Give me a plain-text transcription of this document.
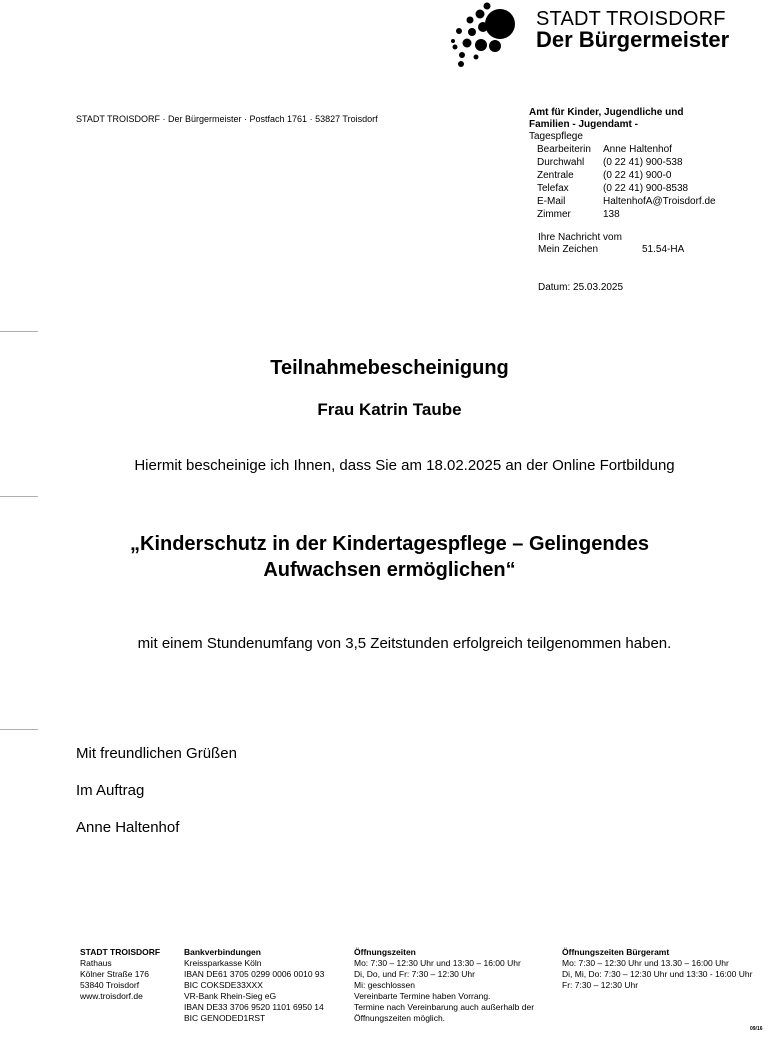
STADT TROISDORF
Der Bürgermeister
STADT TROISDORF · Der Bürgermeister · Postfach 1761 · 53827 Troisdorf
Amt für Kinder, Jugendliche und
Familien - Jugendamt -
Tagespflege
Bearbeiterin	Anne Haltenhof
Durchwahl	(0 22 41) 900-538
Zentrale	(0 22 41) 900-0
Telefax	(0 22 41) 900-8538
E-Mail	HaltenhofA@Troisdorf.de
Zimmer	138
Ihre Nachricht vom
Mein Zeichen	51.54-HA
Datum: 25.03.2025
Teilnahmebescheinigung
Frau Katrin Taube
Hiermit bescheinige ich Ihnen, dass Sie am 18.02.2025 an der Online Fortbildung
„Kinderschutz in der Kindertagespflege – Gelingendes
Aufwachsen ermöglichen“
mit einem Stundenumfang von 3,5 Zeitstunden erfolgreich teilgenommen haben.
Mit freundlichen Grüßen
Im Auftrag
Anne Haltenhof
STADT TROISDORF
Rathaus
Kölner Straße 176
53840 Troisdorf
www.troisdorf.de
Bankverbindungen
Kreissparkasse Köln
IBAN DE61 3705 0299 0006 0010 93
BIC COKSDE33XXX
VR-Bank Rhein-Sieg eG
IBAN DE33 3706 9520 1101 6950 14
BIC GENODED1RST
Öffnungszeiten
Mo: 7:30 – 12:30 Uhr und 13:30 – 16:00 Uhr
Di, Do, und Fr: 7:30 – 12:30 Uhr
Mi: geschlossen
Vereinbarte Termine haben Vorrang.
Termine nach Vereinbarung auch außerhalb der
Öffnungszeiten möglich.
Öffnungszeiten Bürgeramt
Mo: 7:30 – 12:30 Uhr und 13.30 – 16:00 Uhr
Di, Mi, Do: 7:30 – 12:30 Uhr und 13:30 - 16:00 Uhr
Fr: 7:30 – 12:30 Uhr
09/16
